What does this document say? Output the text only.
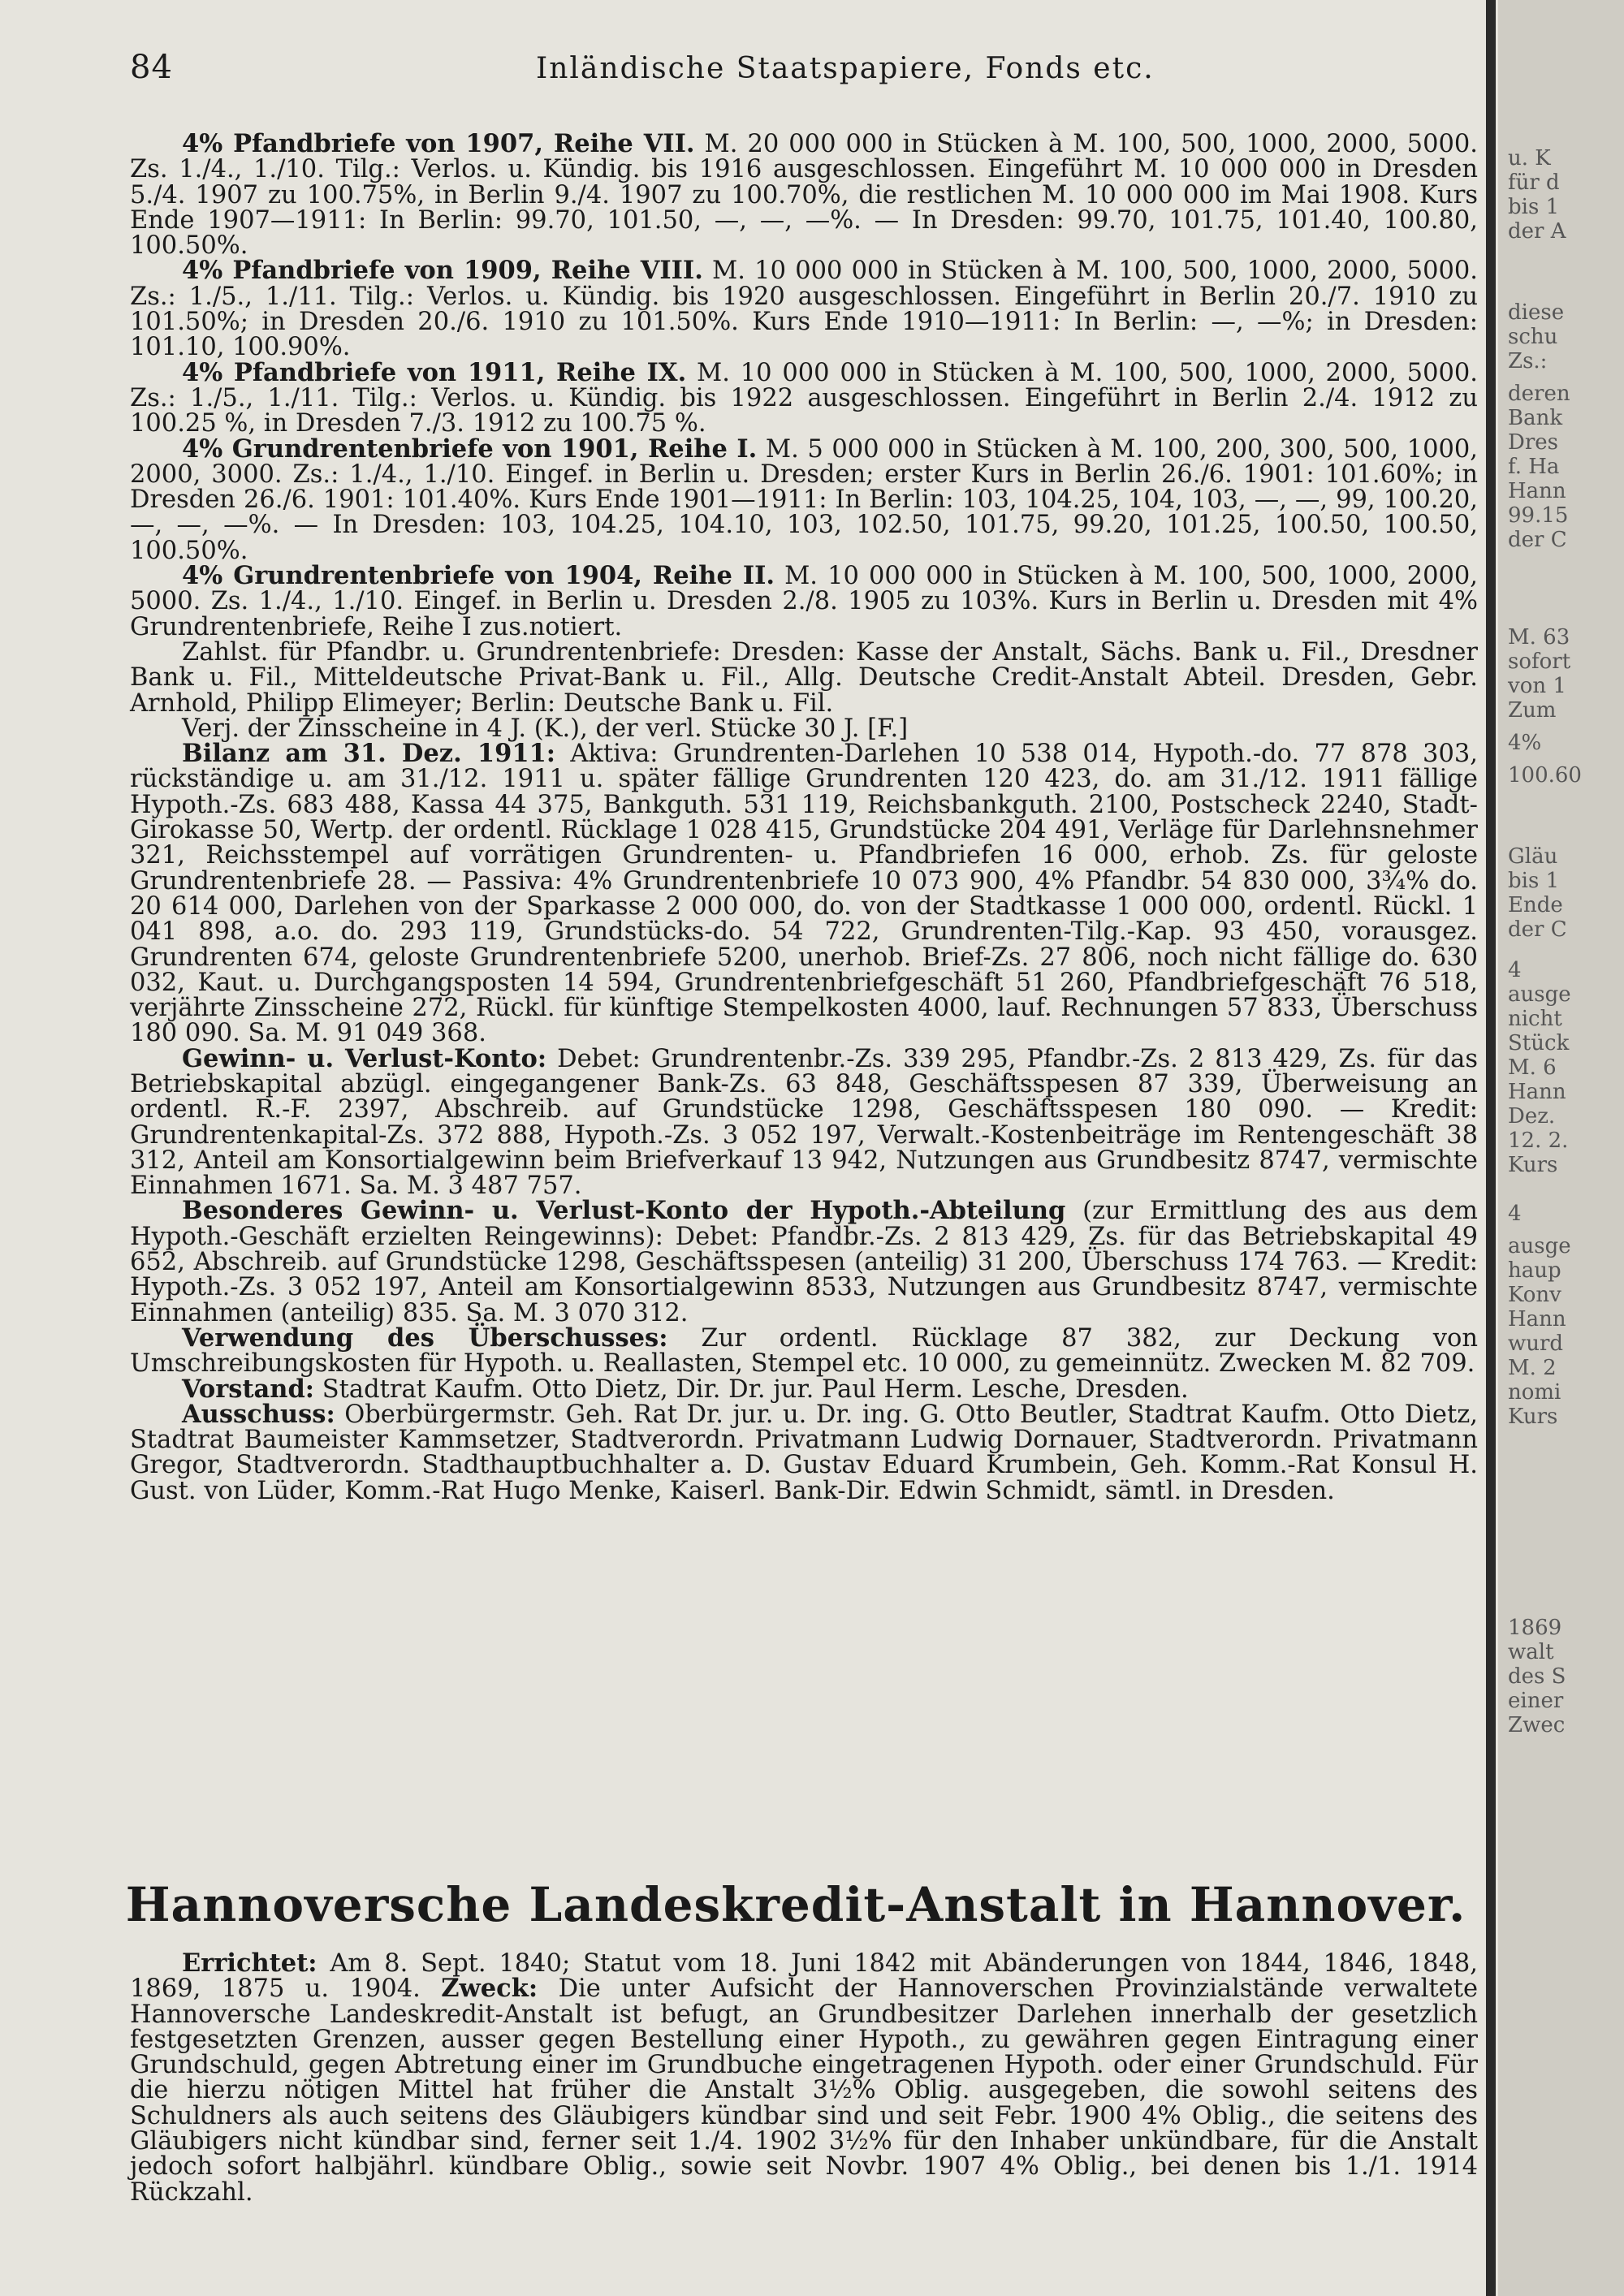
84	Inländische Staatspapiere, Fonds etc.

4% Pfandbriefe von 1907, Reihe VII. M. 20 000 000 in Stücken à M. 100, 500, 1000, 2000, 5000. Zs. 1./4., 1./10. Tilg.: Verlos. u. Kündig. bis 1916 ausgeschlossen. Eingeführt M. 10 000 000 in Dresden 5./4. 1907 zu 100.75%, in Berlin 9./4. 1907 zu 100.70%, die restlichen M. 10 000 000 im Mai 1908. Kurs Ende 1907—1911: In Berlin: 99.70, 101.50, —, —, —%. — In Dresden: 99.70, 101.75, 101.40, 100.80, 100.50%.

4% Pfandbriefe von 1909, Reihe VIII. M. 10 000 000 in Stücken à M. 100, 500, 1000, 2000, 5000. Zs.: 1./5., 1./11. Tilg.: Verlos. u. Kündig. bis 1920 ausgeschlossen. Eingeführt in Berlin 20./7. 1910 zu 101.50%; in Dresden 20./6. 1910 zu 101.50%. Kurs Ende 1910—1911: In Berlin: —, —%; in Dresden: 101.10, 100.90%.

4% Pfandbriefe von 1911, Reihe IX. M. 10 000 000 in Stücken à M. 100, 500, 1000, 2000, 5000. Zs.: 1./5., 1./11. Tilg.: Verlos. u. Kündig. bis 1922 ausgeschlossen. Eingeführt in Berlin 2./4. 1912 zu 100.25 %, in Dresden 7./3. 1912 zu 100.75 %.

4% Grundrentenbriefe von 1901, Reihe I. M. 5 000 000 in Stücken à M. 100, 200, 300, 500, 1000, 2000, 3000. Zs.: 1./4., 1./10. Eingef. in Berlin u. Dresden; erster Kurs in Berlin 26./6. 1901: 101.60%; in Dresden 26./6. 1901: 101.40%. Kurs Ende 1901—1911: In Berlin: 103, 104.25, 104, 103, —, —, 99, 100.20, —, —, —%. — In Dresden: 103, 104.25, 104.10, 103, 102.50, 101.75, 99.20, 101.25, 100.50, 100.50, 100.50%.

4% Grundrentenbriefe von 1904, Reihe II. M. 10 000 000 in Stücken à M. 100, 500, 1000, 2000, 5000. Zs. 1./4., 1./10. Eingef. in Berlin u. Dresden 2./8. 1905 zu 103%. Kurs in Berlin u. Dresden mit 4% Grundrentenbriefe, Reihe I zus.notiert.

Zahlst. für Pfandbr. u. Grundrentenbriefe: Dresden: Kasse der Anstalt, Sächs. Bank u. Fil., Dresdner Bank u. Fil., Mitteldeutsche Privat-Bank u. Fil., Allg. Deutsche Credit-Anstalt Abteil. Dresden, Gebr. Arnhold, Philipp Elimeyer; Berlin: Deutsche Bank u. Fil.

Verj. der Zinsscheine in 4 J. (K.), der verl. Stücke 30 J. [F.]

Bilanz am 31. Dez. 1911: Aktiva: Grundrenten-Darlehen 10 538 014, Hypoth.-do. 77 878 303, rückständige u. am 31./12. 1911 u. später fällige Grundrenten 120 423, do. am 31./12. 1911 fällige Hypoth.-Zs. 683 488, Kassa 44 375, Bankguth. 531 119, Reichsbankguth. 2100, Postscheck 2240, Stadt-Girokasse 50, Wertp. der ordentl. Rücklage 1 028 415, Grundstücke 204 491, Verläge für Darlehnsnehmer 321, Reichsstempel auf vorrätigen Grundrenten- u. Pfandbriefen 16 000, erhob. Zs. für geloste Grundrentenbriefe 28. — Passiva: 4% Grundrentenbriefe 10 073 900, 4% Pfandbr. 54 830 000, 3¾% do. 20 614 000, Darlehen von der Sparkasse 2 000 000, do. von der Stadtkasse 1 000 000, ordentl. Rückl. 1 041 898, a.o. do. 293 119, Grundstücks-do. 54 722, Grundrenten-Tilg.-Kap. 93 450, vorausgez. Grundrenten 674, geloste Grundrentenbriefe 5200, unerhob. Brief-Zs. 27 806, noch nicht fällige do. 630 032, Kaut. u. Durchgangsposten 14 594, Grundrentenbriefgeschäft 51 260, Pfandbriefgeschäft 76 518, verjährte Zinsscheine 272, Rückl. für künftige Stempelkosten 4000, lauf. Rechnungen 57 833, Überschuss 180 090. Sa. M. 91 049 368.

Gewinn- u. Verlust-Konto: Debet: Grundrentenbr.-Zs. 339 295, Pfandbr.-Zs. 2 813 429, Zs. für das Betriebskapital abzügl. eingegangener Bank-Zs. 63 848, Geschäftsspesen 87 339, Überweisung an ordentl. R.-F. 2397, Abschreib. auf Grundstücke 1298, Geschäftsspesen 180 090. — Kredit: Grundrentenkapital-Zs. 372 888, Hypoth.-Zs. 3 052 197, Verwalt.-Kostenbeiträge im Rentengeschäft 38 312, Anteil am Konsortialgewinn beim Briefverkauf 13 942, Nutzungen aus Grundbesitz 8747, vermischte Einnahmen 1671. Sa. M. 3 487 757.

Besonderes Gewinn- u. Verlust-Konto der Hypoth.-Abteilung (zur Ermittlung des aus dem Hypoth.-Geschäft erzielten Reingewinns): Debet: Pfandbr.-Zs. 2 813 429, Zs. für das Betriebskapital 49 652, Abschreib. auf Grundstücke 1298, Geschäftsspesen (anteilig) 31 200, Überschuss 174 763. — Kredit: Hypoth.-Zs. 3 052 197, Anteil am Konsortialgewinn 8533, Nutzungen aus Grundbesitz 8747, vermischte Einnahmen (anteilig) 835. Sa. M. 3 070 312.

Verwendung des Überschusses: Zur ordentl. Rücklage 87 382, zur Deckung von Umschreibungskosten für Hypoth. u. Reallasten, Stempel etc. 10 000, zu gemeinnütz. Zwecken M. 82 709.

Vorstand: Stadtrat Kaufm. Otto Dietz, Dir. Dr. jur. Paul Herm. Lesche, Dresden.

Ausschuss: Oberbürgermstr. Geh. Rat Dr. jur. u. Dr. ing. G. Otto Beutler, Stadtrat Kaufm. Otto Dietz, Stadtrat Baumeister Kammsetzer, Stadtverordn. Privatmann Ludwig Dornauer, Stadtverordn. Privatmann Gregor, Stadtverordn. Stadthauptbuchhalter a. D. Gustav Eduard Krumbein, Geh. Komm.-Rat Konsul H. Gust. von Lüder, Komm.-Rat Hugo Menke, Kaiserl. Bank-Dir. Edwin Schmidt, sämtl. in Dresden.

Hannoversche Landeskredit-Anstalt in Hannover.

Errichtet: Am 8. Sept. 1840; Statut vom 18. Juni 1842 mit Abänderungen von 1844, 1846, 1848, 1869, 1875 u. 1904. Zweck: Die unter Aufsicht der Hannoverschen Provinzialstände verwaltete Hannoversche Landeskredit-Anstalt ist befugt, an Grundbesitzer Darlehen innerhalb der gesetzlich festgesetzten Grenzen, ausser gegen Bestellung einer Hypoth., zu gewähren gegen Eintragung einer Grundschuld, gegen Abtretung einer im Grundbuche eingetragenen Hypoth. oder einer Grundschuld. Für die hierzu nötigen Mittel hat früher die Anstalt 3½% Oblig. ausgegeben, die sowohl seitens des Schuldners als auch seitens des Gläubigers kündbar sind und seit Febr. 1900 4% Oblig., die seitens des Gläubigers nicht kündbar sind, ferner seit 1./4. 1902 3½% für den Inhaber unkündbare, für die Anstalt jedoch sofort halbjährl. kündbare Oblig., sowie seit Novbr. 1907 4% Oblig., bei denen bis 1./1. 1914 Rückzahl.

u. K
für d
bis 1
der A
diese
schu
Zs.:
deren
Bank
Dres
f. Ha
Hann
99.15
der C
M. 63
sofort
von 1
Zum
4%
100.60
Gläu
bis 1
Ende
der C
4
ausge
nicht
Stück
M. 6
Hann
Dez.
12. 2.
Kurs
4
ausge
haup
Konv
Hann
wurd
M. 2
nomi
Kurs
1869
walt
des S
einer
Zwec
